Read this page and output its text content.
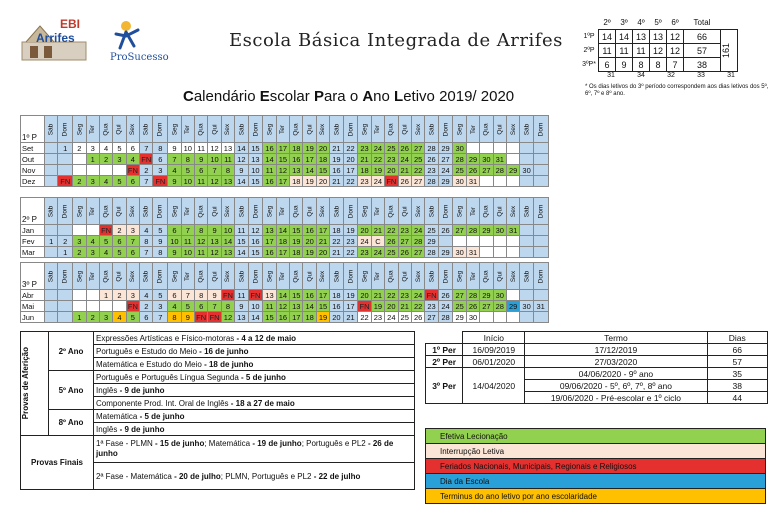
EBI
Arrifes
ProSucesso
Escola Básica Integrada de Arrifes
Calendário Escolar Para o Ano Letivo 2019/ 2020
	2º	3º	4º	5º	6º	Total	
1ºP	14	14	13	13	12	66	161

2ºP	11	11	11	12	12	57	
3ºP*	6	9	8	8	7	38	
31	34	32	33	31
* Os dias letivos do 3º período correspondem aos dias letivos dos 5º, 6º, 7º e 8º ano.
1º P	Sáb	Dom	Seg	Ter	Qua	Qui	Sex	Sáb	Dom	Seg	Ter	Qua	Qui	Sex	Sáb	Dom	Seg	Ter	Qua	Qui	Sex	Sáb	Dom	Seg	Ter	Qua	Qui	Sex	Sáb	Dom	Seg	Ter	Qua	Qui	Sex	Sáb	Dom
Set		1	2	3	4	5	6	7	8	9	10	11	12	13	14	15	16	17	18	19	20	21	22	23	24	25	26	27	28	29	30						
Out				1	2	3	4	FN	6	7	8	9	10	11	12	13	14	15	16	17	18	19	20	21	22	23	24	25	26	27	28	29	30	31			
Nov							FN	2	3	4	5	6	7	8	9	10	11	12	13	14	15	16	17	18	19	20	21	22	23	24	25	26	27	28	29	30	
Dez		FN	2	3	4	5	6	7	FN	9	10	11	12	13	14	15	16	17	18	19	20	21	22	23	24	FN	26	27	28	29	30	31					
2º P	Sáb	Dom	Seg	Ter	Qua	Qui	Sex	Sáb	Dom	Seg	Ter	Qua	Qui	Sex	Sáb	Dom	Seg	Ter	Qua	Qui	Sex	Sáb	Dom	Seg	Ter	Qua	Qui	Sex	Sáb	Dom	Seg	Ter	Qua	Qui	Sex	Sáb	Dom
Jan					FN	2	3	4	5	6	7	8	9	10	11	12	13	14	15	16	17	18	19	20	21	22	23	24	25	26	27	28	29	30	31		
Fev	1	2	3	4	5	6	7	8	9	10	11	12	13	14	15	16	17	18	19	20	21	22	23	24	C	26	27	28	29								
Mar		1	2	3	4	5	6	7	8	9	10	11	12	13	14	15	16	17	18	19	20	21	22	23	24	25	26	27	28	29	30	31					
3º P	Sáb	Dom	Seg	Ter	Qua	Qui	Sex	Sáb	Dom	Seg	Ter	Qua	Qui	Sex	Sáb	Dom	Seg	Ter	Qua	Qui	Sex	Sáb	Dom	Seg	Ter	Qua	Qui	Sex	Sáb	Dom	Seg	Ter	Qua	Qui	Sex	Sáb	Dom
Abr					1	2	3	4	5	6	7	8	9	FN	11	FN	13	14	15	16	17	18	19	20	21	22	23	24	FN	26	27	28	29	30			
Mai							FN	2	3	4	5	6	7	8	9	10	11	12	13	14	15	16	17	FN	19	20	21	22	23	24	25	26	27	28	29	30	31
Jun			1	2	3	4	5	6	7	8	9	FN	FN	12	13	14	15	16	17	18	19	20	21	22	23	24	25	26	27	28	29	30					
Provas de Aferição	2º Ano	Expressões Artísticas e Físico-motoras - 4 a 12 de maio
		Português e Estudo do Meio - 16 de junho
		Matemática e Estudo do Meio - 18 de junho
	5º Ano	Português e Português Língua Segunda - 5 de junho
		Inglês - 9 de junho
		Componente Prod. Int. Oral de Inglês - 18 a 27 de maio
	8º Ano	Matemática - 5 de junho
		Inglês - 9 de junho
Provas Finais		1ª Fase - PLMN - 15 de junho; Matemática - 19 de junho; Português e PL2 - 26 de junho
		2ª Fase - Matemática - 20 de julho; PLMN, Português e PL2 - 22 de julho
	Início	Termo	Dias
1º Per	16/09/2019	17/12/2019	66
2º Per	06/01/2020	27/03/2020	57
3º Per	14/04/2020	04/06/2020 - 9º ano	35
		09/06/2020 - 5º, 6º, 7º, 8º ano	38
		19/06/2020 - Pré-escolar e 1º ciclo	44
Efetiva Lecionação
Interrupção Letiva
Feriados Nacionais, Municipais, Regionais e Religiosos
Dia da Escola
Terminus do ano letivo por ano escolaridade
